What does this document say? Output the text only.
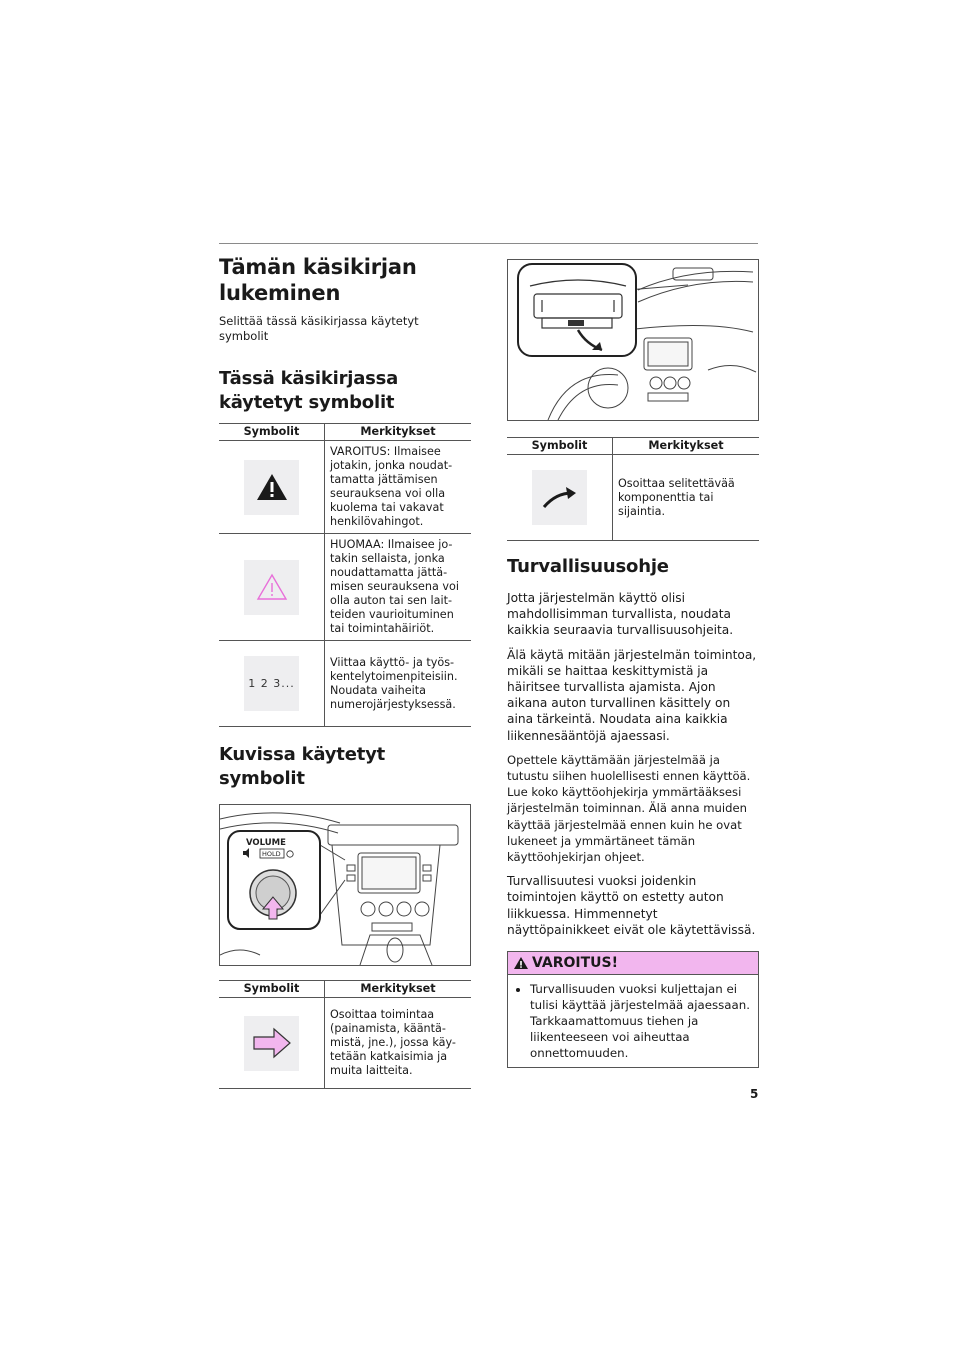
Tämän käsikirjan lukeminen
Selittää tässä käsikirjassa käytetyt symbolit
Tässä käsikirjassa käytetyt symbolit
Symbolit	Merkitykset

	VAROITUS: Ilmaisee jotakin, jonka noudat-tamatta jättämisen seurauksena voi olla kuolema tai vakavat henkilövahingot.

	HUOMAA: Ilmaisee jo-takin sellaista, jonka noudattamatta jättä-misen seurauksena voi olla auton tai sen lait-teiden vaurioituminen tai toimintahäiriöt.

1 2 3...	Viittaa käyttö- ja työs-kentelytoimenpiteisiin. Noudata vaiheita numerojärjestyksessä.
Kuvissa käytetyt symbolit
VOLUME
HOLD
Symbolit	Merkitykset

	Osoittaa toimintaa (painamista, kääntä-mistä, jne.), jossa käy-tetään katkaisimia ja muita laitteita.
Symbolit	Merkitykset

	Osoittaa selitettävää komponenttia tai sijaintia.
Turvallisuusohje

Jotta järjestelmän käyttö olisi mahdollisimman turvallista, noudata kaikkia seuraavia turvallisuusohjeita.

Älä käytä mitään järjestelmän toimintoa, mikäli se haittaa keskittymistä ja häiritsee turvallista ajamista. Ajon aikana auton turvallinen käsittely on aina tärkeintä. Noudata aina kaikkia liikennesääntöjä ajaessasi.

Opettele käyttämään järjestelmää ja tutustu siihen huolellisesti ennen käyttöä. Lue koko käyttöohjekirja ymmärtääksesi järjestelmän toiminnan. Älä anna muiden käyttää järjestelmää ennen kuin he ovat lukeneet ja ymmärtäneet tämän käyttöohjekirjan ohjeet.

Turvallisuutesi vuoksi joidenkin toimintojen käyttö on estetty auton liikkuessa. Himmennetyt näyttöpainikkeet eivät ole käytettävissä.

VAROITUS!
• Turvallisuuden vuoksi kuljettajan ei tulisi käyttää järjestelmää ajaessaan. Tarkkaamattomuus tiehen ja liikenteeseen voi aiheuttaa onnettomuuden.
5
